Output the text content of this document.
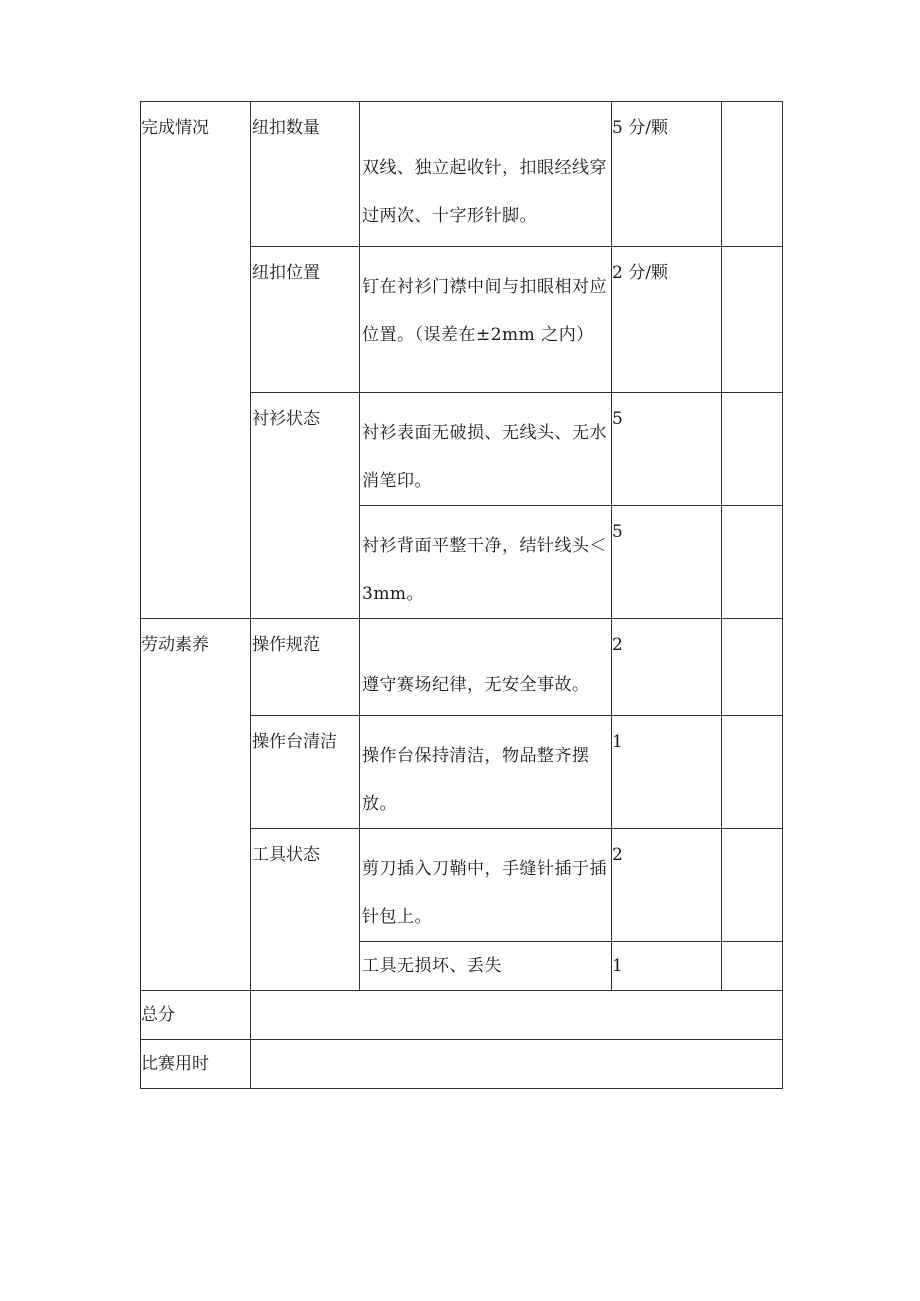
完成情况	纽扣数量	双线、独立起收针，扣眼经线穿过两次、十字形针脚。	5 分/颗	

	纽扣位置	钉在衬衫门襟中间与扣眼相对应位置。（误差在±2mm 之内）	2 分/颗	

	衬衫状态	衬衫表面无破损、无线头、无水消笔印。	5	

		衬衫背面平整干净，结针线头＜3mm。	5	

劳动素养	操作规范	遵守赛场纪律，无安全事故。	2	

	操作台清洁	操作台保持清洁，物品整齐摆放。	1	

	工具状态	剪刀插入刀鞘中，手缝针插于插针包上。	2	

		工具无损坏、丢失	1	

总分				

比赛用时				
